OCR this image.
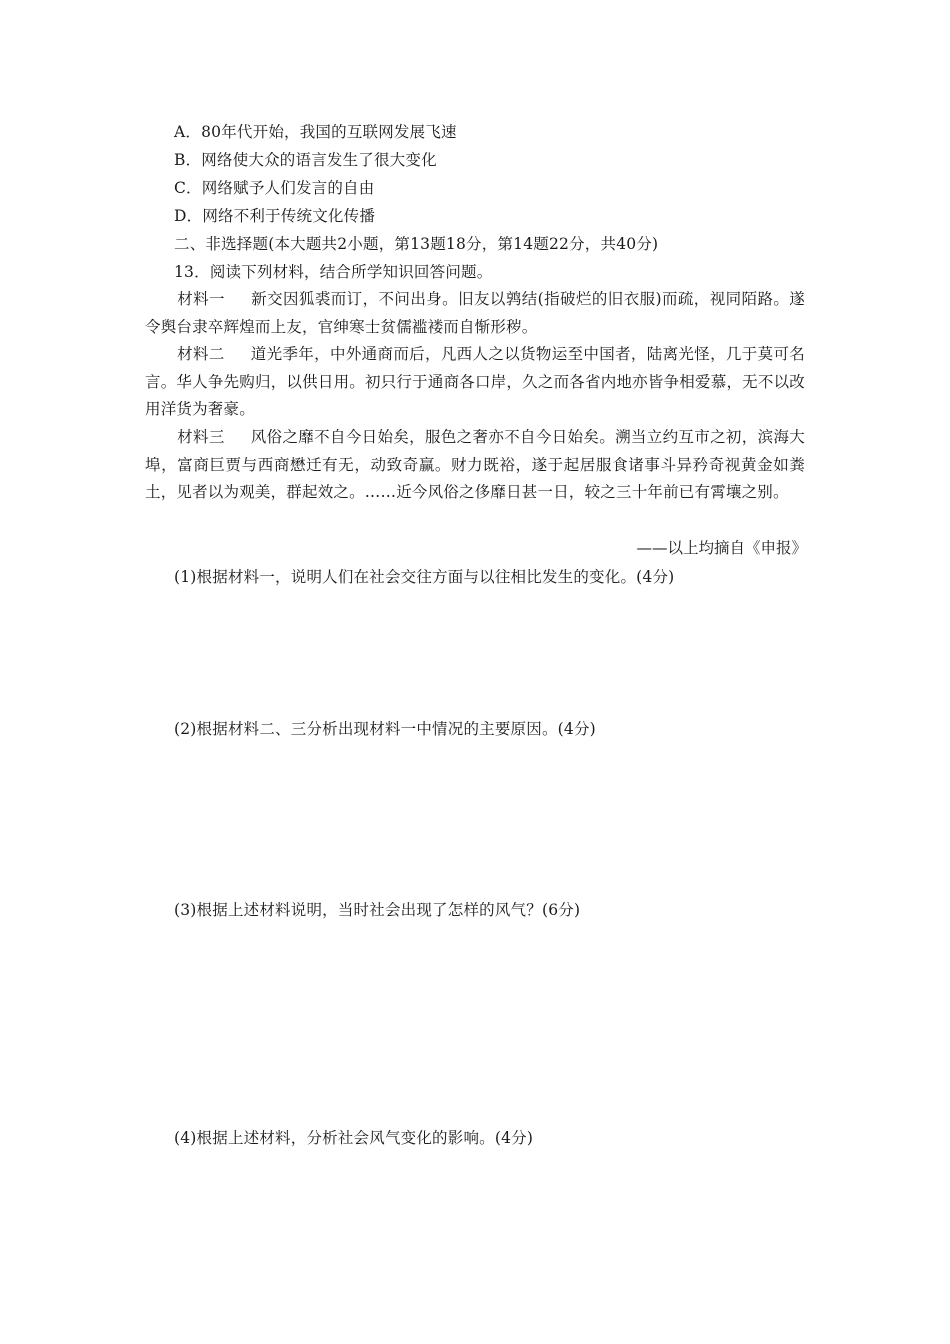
A．80年代开始，我国的互联网发展飞速
B．网络使大众的语言发生了很大变化
C．网络赋予人们发言的自由
D．网络不利于传统文化传播
二、非选择题(本大题共2小题，第13题18分，第14题22分，共40分)
13．阅读下列材料，结合所学知识回答问题。
材料一 新交因狐裘而订，不问出身。旧友以鹑结(指破烂的旧衣服)而疏，视同陌路。遂令舆台隶卒辉煌而上友，官绅寒士贫儒褴褛而自惭形秽。
材料二 道光季年，中外通商而后，凡西人之以货物运至中国者，陆离光怪，几于莫可名言。华人争先购归，以供日用。初只行于通商各口岸，久之而各省内地亦皆争相爱慕，无不以改用洋货为奢豪。
材料三 风俗之靡不自今日始矣，服色之奢亦不自今日始矣。溯当立约互市之初，滨海大埠，富商巨贾与西商懋迁有无，动致奇赢。财力既裕，遂于起居服食诸事斗异矜奇视黄金如粪土，见者以为观美，群起效之。……近今风俗之侈靡日甚一日，较之三十年前已有霄壤之别。
——以上均摘自《申报》
(1)根据材料一，说明人们在社会交往方面与以往相比发生的变化。(4分)
(2)根据材料二、三分析出现材料一中情况的主要原因。(4分)
(3)根据上述材料说明，当时社会出现了怎样的风气？(6分)
(4)根据上述材料，分析社会风气变化的影响。(4分)
